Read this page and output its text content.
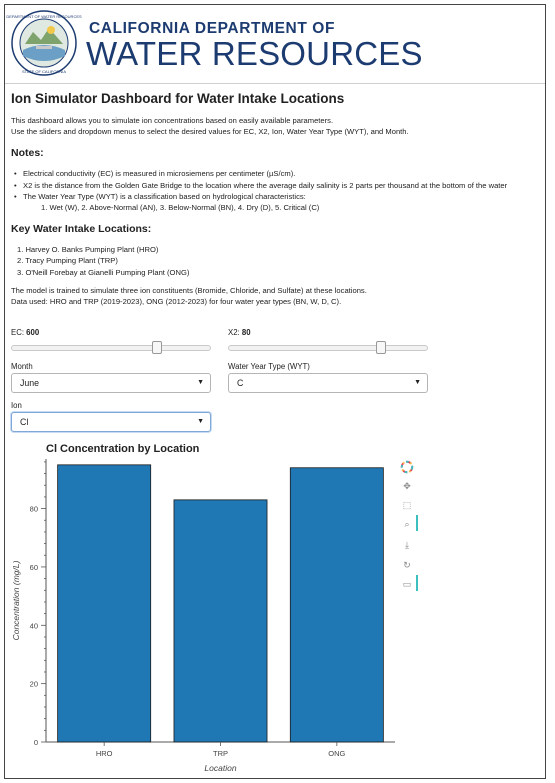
DEPARTMENT OF WATER RESOURCES
STATE OF CALIFORNIA
CALIFORNIA DEPARTMENT OF
WATER RESOURCES
Ion Simulator Dashboard for Water Intake Locations
This dashboard allows you to simulate ion concentrations based on easily available parameters.
Use the sliders and dropdown menus to select the desired values for EC, X2, Ion, Water Year Type (WYT), and Month.
Notes:
• Electrical conductivity (EC) is measured in microsiemens per centimeter (µS/cm).
• X2 is the distance from the Golden Gate Bridge to the location where the average daily salinity is 2 parts per thousand at the bottom of the water
• The Water Year Type (WYT) is a classification based on hydrological characteristics:
1. Wet (W), 2. Above-Normal (AN), 3. Below-Normal (BN), 4. Dry (D), 5. Critical (C)
Key Water Intake Locations:
1. Harvey O. Banks Pumping Plant (HRO)
2. Tracy Pumping Plant (TRP)
3. O'Neill Forebay at Gianelli Pumping Plant (ONG)
The model is trained to simulate three ion constituents (Bromide, Chloride, and Sulfate) at these locations.
Data used: HRO and TRP (2019-2023), ONG (2012-2023) for four water year types (BN, W, D, C).
EC: 600	X2: 80
Month
June	▼
Water Year Type (WYT)
C	▼
Ion
Cl	▼
Cl Concentration by Location
0
20
40
60
80
HRO	TRP	ONG
Location
Concentration (mg/L)
✥
⬚
⌕
⤓
↻
▭
